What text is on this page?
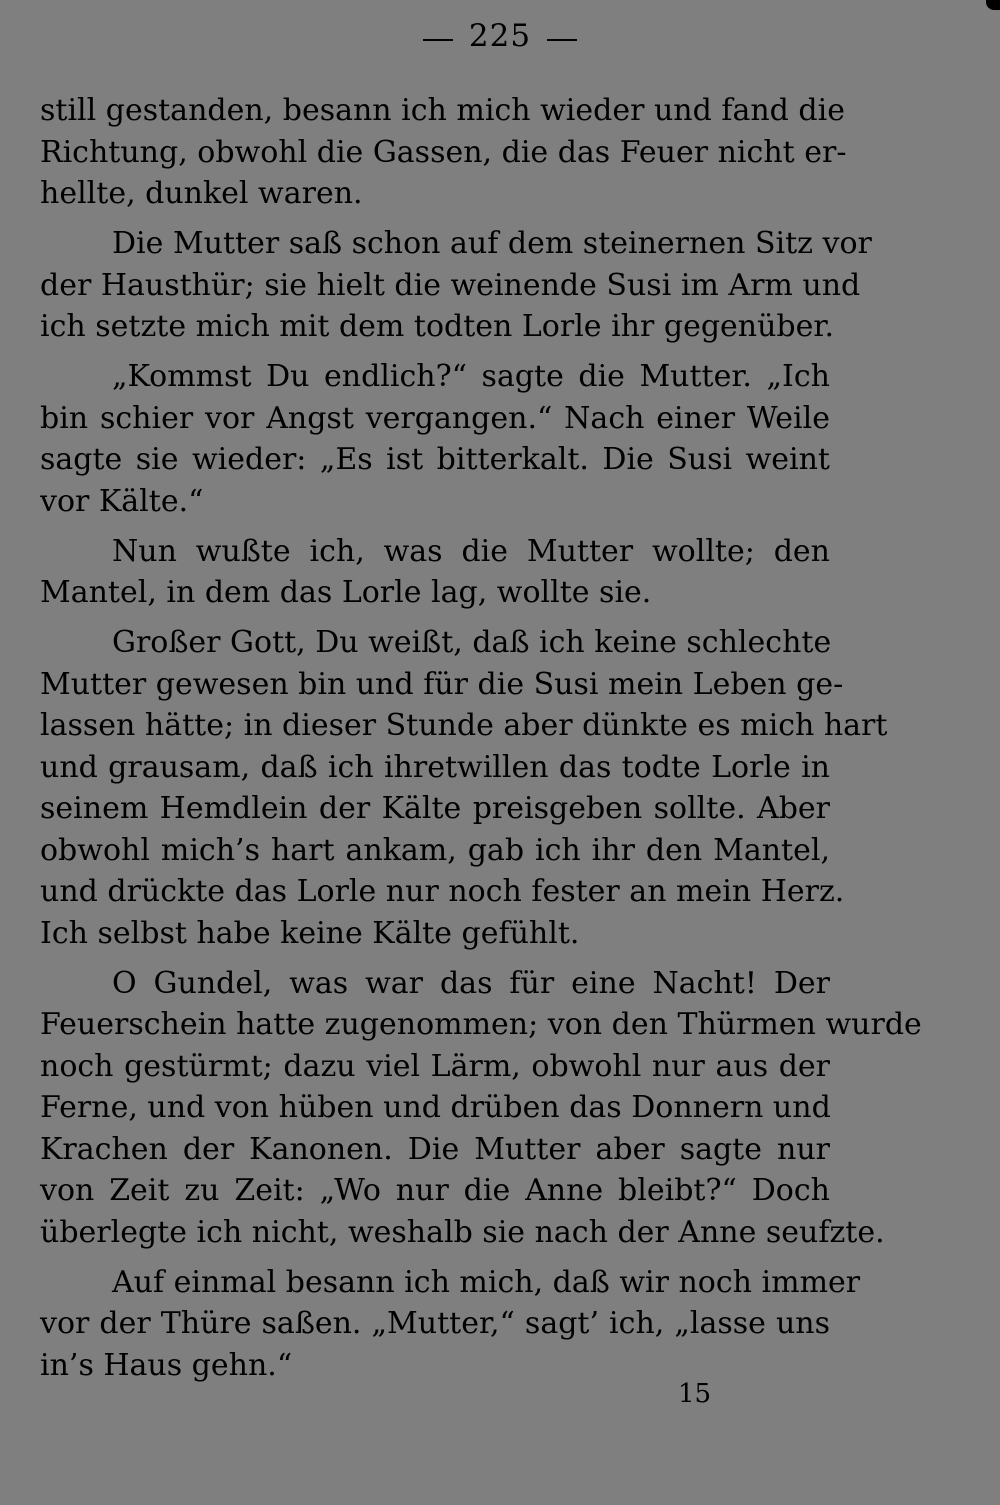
225
still gestanden, besann ich mich wieder und fand die
Richtung, obwohl die Gassen, die das Feuer nicht er-
hellte, dunkel waren.
Die Mutter saß schon auf dem steinernen Sitz vor
der Hausthür; sie hielt die weinende Susi im Arm und
ich setzte mich mit dem todten Lorle ihr gegenüber.
„Kommst Du endlich?“ sagte die Mutter. „Ich
bin schier vor Angst vergangen.“ Nach einer Weile
sagte sie wieder: „Es ist bitterkalt. Die Susi weint
vor Kälte.“
Nun wußte ich, was die Mutter wollte; den
Mantel, in dem das Lorle lag, wollte sie.
Großer Gott, Du weißt, daß ich keine schlechte
Mutter gewesen bin und für die Susi mein Leben ge-
lassen hätte; in dieser Stunde aber dünkte es mich hart
und grausam, daß ich ihretwillen das todte Lorle in
seinem Hemdlein der Kälte preisgeben sollte. Aber
obwohl mich’s hart ankam, gab ich ihr den Mantel,
und drückte das Lorle nur noch fester an mein Herz.
Ich selbst habe keine Kälte gefühlt.
O Gundel, was war das für eine Nacht! Der
Feuerschein hatte zugenommen; von den Thürmen wurde
noch gestürmt; dazu viel Lärm, obwohl nur aus der
Ferne, und von hüben und drüben das Donnern und
Krachen der Kanonen. Die Mutter aber sagte nur
von Zeit zu Zeit: „Wo nur die Anne bleibt?“ Doch
überlegte ich nicht, weshalb sie nach der Anne seufzte.
Auf einmal besann ich mich, daß wir noch immer
vor der Thüre saßen. „Mutter,“ sagt’ ich, „lasse uns
in’s Haus gehn.“
15
